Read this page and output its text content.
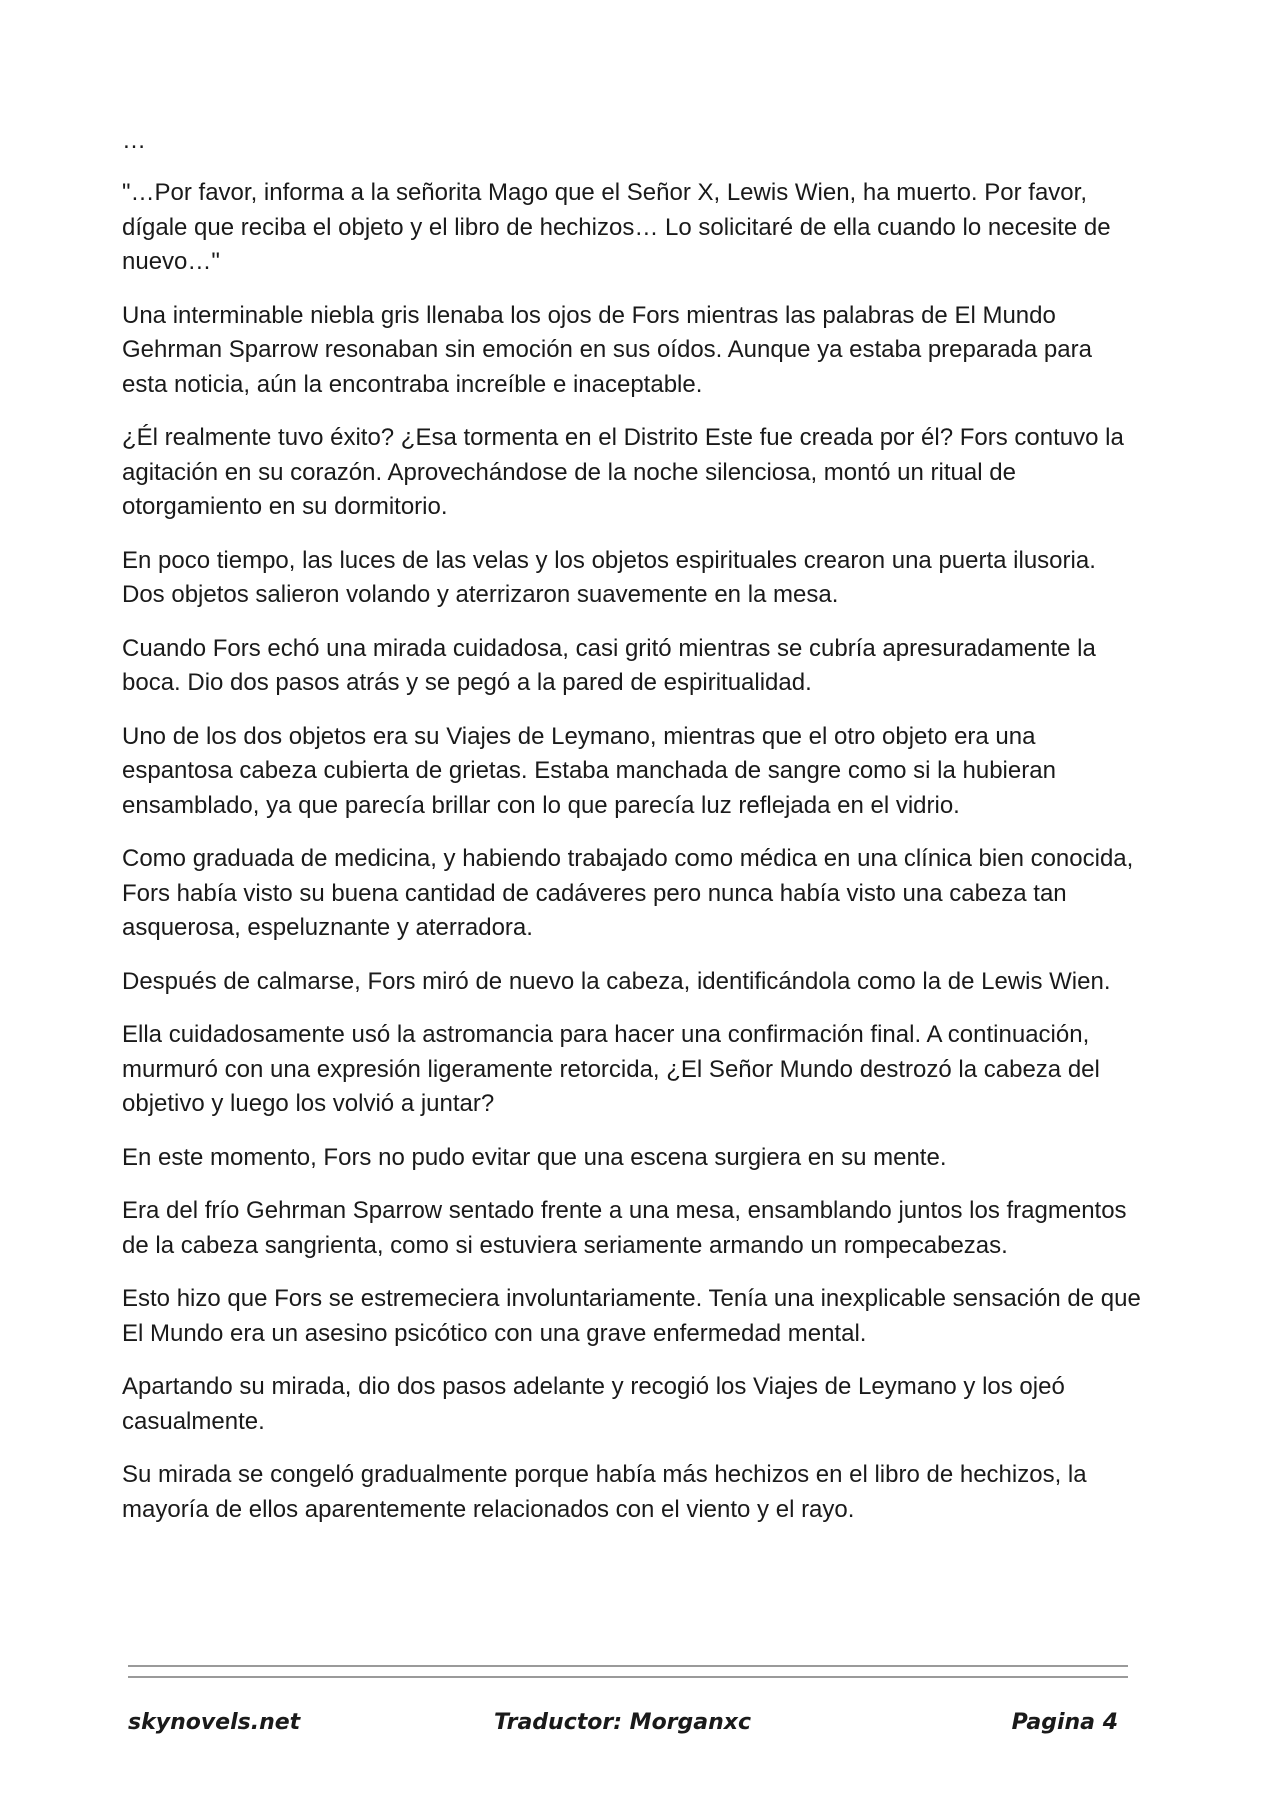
…

"…Por favor, informa a la señorita Mago que el Señor X, Lewis Wien, ha muerto. Por favor, dígale que reciba el objeto y el libro de hechizos… Lo solicitaré de ella cuando lo necesite de nuevo…"

Una interminable niebla gris llenaba los ojos de Fors mientras las palabras de El Mundo Gehrman Sparrow resonaban sin emoción en sus oídos. Aunque ya estaba preparada para esta noticia, aún la encontraba increíble e inaceptable.

¿Él realmente tuvo éxito? ¿Esa tormenta en el Distrito Este fue creada por él? Fors contuvo la agitación en su corazón. Aprovechándose de la noche silenciosa, montó un ritual de otorgamiento en su dormitorio.

En poco tiempo, las luces de las velas y los objetos espirituales crearon una puerta ilusoria. Dos objetos salieron volando y aterrizaron suavemente en la mesa.

Cuando Fors echó una mirada cuidadosa, casi gritó mientras se cubría apresuradamente la boca. Dio dos pasos atrás y se pegó a la pared de espiritualidad.

Uno de los dos objetos era su Viajes de Leymano, mientras que el otro objeto era una espantosa cabeza cubierta de grietas. Estaba manchada de sangre como si la hubieran ensamblado, ya que parecía brillar con lo que parecía luz reflejada en el vidrio.

Como graduada de medicina, y habiendo trabajado como médica en una clínica bien conocida, Fors había visto su buena cantidad de cadáveres pero nunca había visto una cabeza tan asquerosa, espeluznante y aterradora.

Después de calmarse, Fors miró de nuevo la cabeza, identificándola como la de Lewis Wien.

Ella cuidadosamente usó la astromancia para hacer una confirmación final. A continuación, murmuró con una expresión ligeramente retorcida, ¿El Señor Mundo destrozó la cabeza del objetivo y luego los volvió a juntar?

En este momento, Fors no pudo evitar que una escena surgiera en su mente.

Era del frío Gehrman Sparrow sentado frente a una mesa, ensamblando juntos los fragmentos de la cabeza sangrienta, como si estuviera seriamente armando un rompecabezas.

Esto hizo que Fors se estremeciera involuntariamente. Tenía una inexplicable sensación de que El Mundo era un asesino psicótico con una grave enfermedad mental.

Apartando su mirada, dio dos pasos adelante y recogió los Viajes de Leymano y los ojeó casualmente.

Su mirada se congeló gradualmente porque había más hechizos en el libro de hechizos, la mayoría de ellos aparentemente relacionados con el viento y el rayo.

skynovels.net	Traductor: Morganxc	Pagina 4
